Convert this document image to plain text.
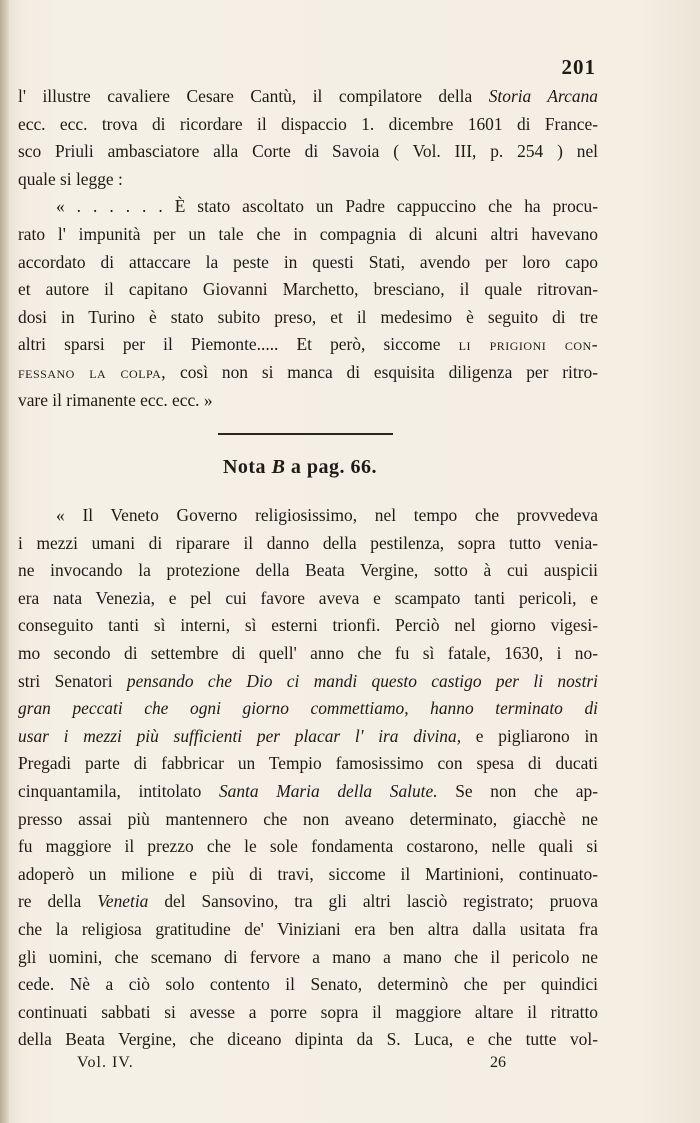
201

l' illustre cavaliere Cesare Cantù, il compilatore della Storia Arcana
ecc. ecc. trova di ricordare il dispaccio 1. dicembre 1601 di France-
sco Priuli ambasciatore alla Corte di Savoia ( Vol. III, p. 254 ) nel
quale si legge :

« . . . . . . È stato ascoltato un Padre cappuccino che ha procu-
rato l' impunità per un tale che in compagnia di alcuni altri havevano
accordato di attaccare la peste in questi Stati, avendo per loro capo
et autore il capitano Giovanni Marchetto, bresciano, il quale ritrovan-
dosi in Turino è stato subito preso, et il medesimo è seguito di tre
altri sparsi per il Piemonte..... Et però, siccome li prigioni con-
fessano la colpa, così non si manca di esquisita diligenza per ritro-
vare il rimanente ecc. ecc. »

Nota B a pag. 66.

« Il Veneto Governo religiosissimo, nel tempo che provvedeva
i mezzi umani di riparare il danno della pestilenza, sopra tutto venia-
ne invocando la protezione della Beata Vergine, sotto à cui auspicii
era nata Venezia, e pel cui favore aveva e scampato tanti pericoli, e
conseguito tanti sì interni, sì esterni trionfi. Perciò nel giorno vigesi-
mo secondo di settembre di quell' anno che fu sì fatale, 1630, i no-
stri Senatori pensando che Dio ci mandi questo castigo per li nostri
gran peccati che ogni giorno commettiamo, hanno terminato di
usar i mezzi più sufficienti per placar l' ira divina, e pigliarono in
Pregadi parte di fabbricar un Tempio famosissimo con spesa di ducati
cinquantamila, intitolato Santa Maria della Salute. Se non che ap-
presso assai più mantennero che non aveano determinato, giacchè ne
fu maggiore il prezzo che le sole fondamenta costarono, nelle quali si
adoperò un milione e più di travi, siccome il Martinioni, continuato-
re della Venetia del Sansovino, tra gli altri lasciò registrato; pruova
che la religiosa gratitudine de' Viniziani era ben altra dalla usitata fra
gli uomini, che scemano di fervore a mano a mano che il pericolo ne
cede. Nè a ciò solo contento il Senato, determinò che per quindici
continuati sabbati si avesse a porre sopra il maggiore altare il ritratto
della Beata Vergine, che diceano dipinta da S. Luca, e che tutte vol-

Vol. IV.	26
